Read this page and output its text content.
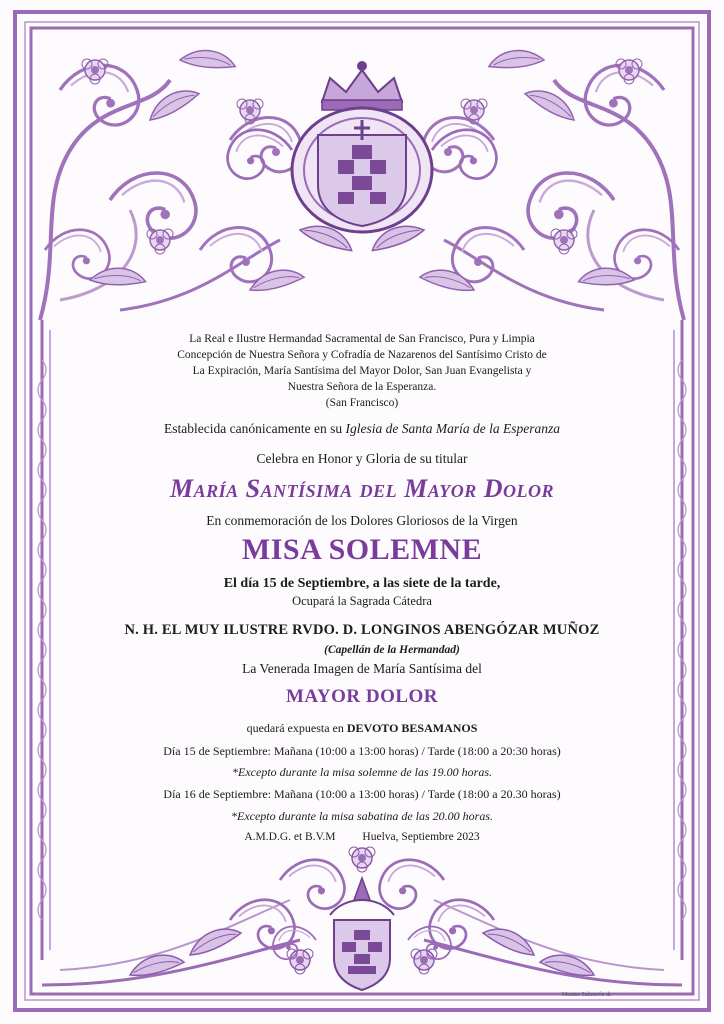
La Real e Ilustre Hermandad Sacramental de San Francisco, Pura y Limpia
Concepción de Nuestra Señora y Cofradía de Nazarenos del Santísimo Cristo de
La Expiración, María Santísima del Mayor Dolor, San Juan Evangelista y
Nuestra Señora de la Esperanza.
(San Francisco)
Establecida canónicamente en su Iglesia de Santa María de la Esperanza
Celebra en Honor y Gloria de su titular
María Santísima del Mayor Dolor
En conmemoración de los Dolores Gloriosos de la Virgen
MISA SOLEMNE
El día 15 de Septiembre, a las siete de la tarde,
Ocupará la Sagrada Cátedra
N. H. EL MUY ILUSTRE RVDO. D. LONGINOS ABENGÓZAR MUÑOZ
(Capellán de la Hermandad)
La Venerada Imagen de María Santísima del
MAYOR DOLOR
quedará expuesta en DEVOTO BESAMANOS
Día 15 de Septiembre: Mañana (10:00 a 13:00 horas) / Tarde (18:00 a 20:30 horas)
*Excepto durante la misa solemne de las 19.00 horas.
Día 16 de Septiembre: Mañana (10:00 a 13:00 horas) / Tarde (18:00 a 20.30 horas)
*Excepto durante la misa sabatina de las 20.00 horas.
A.M.D.G. et B.V.M Huelva, Septiembre 2023
Montes Salmerón dr.
